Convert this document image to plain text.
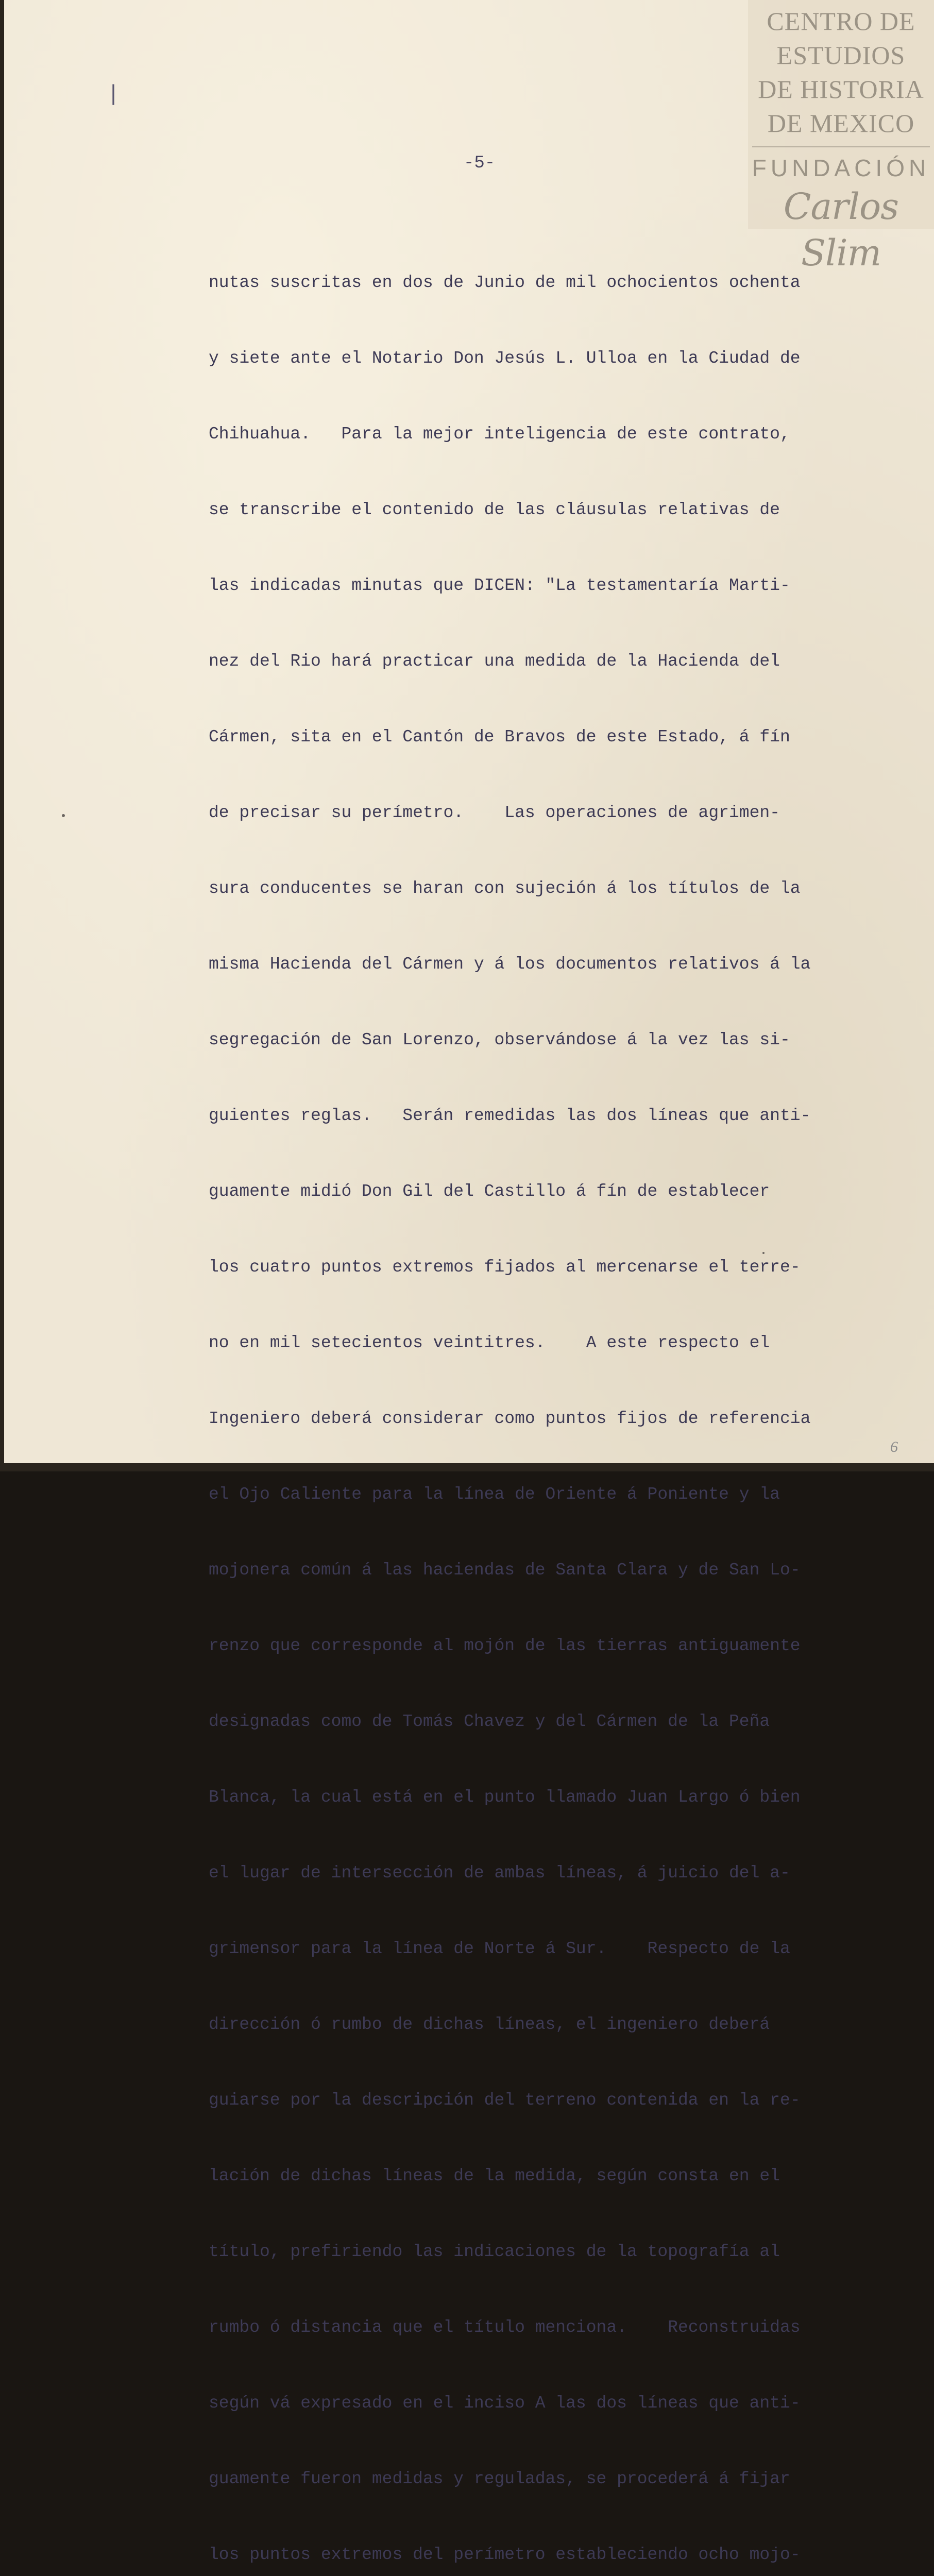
CENTRO DE
ESTUDIOS
DE HISTORIA
DE MEXICO
FUNDACIÓN
Carlos Slim
|
-5-

nutas suscritas en dos de Junio de mil ochocientos ochenta

y siete ante el Notario Don Jesús L. Ulloa en la Ciudad de

Chihuahua.   Para la mejor inteligencia de este contrato,

se transcribe el contenido de las cláusulas relativas de

las indicadas minutas que DICEN: "La testamentaría Marti-

nez del Rio hará practicar una medida de la Hacienda del

Cármen, sita en el Cantón de Bravos de este Estado, á fín

de precisar su perímetro.    Las operaciones de agrimen-

sura conducentes se haran con sujeción á los títulos de la

misma Hacienda del Cármen y á los documentos relativos á la

segregación de San Lorenzo, observándose á la vez las si-

guientes reglas.   Serán remedidas las dos líneas que anti-

guamente midió Don Gil del Castillo á fín de establecer

los cuatro puntos extremos fijados al mercenarse el terre-

no en mil setecientos veintitres.    A este respecto el

Ingeniero deberá considerar como puntos fijos de referencia

el Ojo Caliente para la línea de Oriente á Poniente y la

mojonera común á las haciendas de Santa Clara y de San Lo-

renzo que corresponde al mojón de las tierras antiguamente

designadas como de Tomás Chavez y del Cármen de la Peña

Blanca, la cual está en el punto llamado Juan Largo ó bien

el lugar de intersección de ambas líneas, á juicio del a-

grimensor para la línea de Norte á Sur.    Respecto de la

dirección ó rumbo de dichas líneas, el ingeniero deberá

guiarse por la descripción del terreno contenida en la re-

lación de dichas líneas de la medida, según consta en el

título, prefiriendo las indicaciones de la topografía al

rumbo ó distancia que el título menciona.    Reconstruidas

según vá expresado en el inciso A las dos líneas que anti-

guamente fueron medidas y reguladas, se procederá á fijar

los puntos extremos del perímetro estableciendo ocho mojo-

6
